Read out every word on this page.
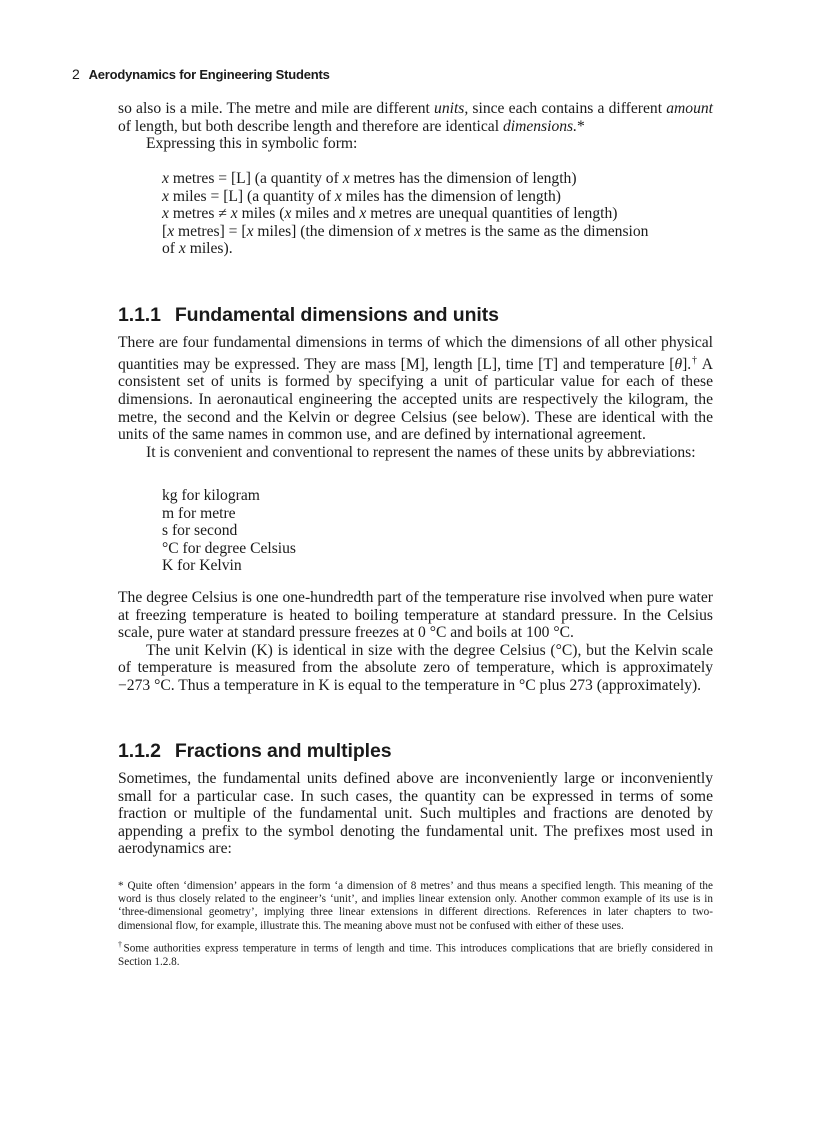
2 Aerodynamics for Engineering Students

so also is a mile. The metre and mile are different units, since each contains a different amount of length, but both describe length and therefore are identical dimensions.*

Expressing this in symbolic form:

x metres = [L] (a quantity of x metres has the dimension of length)
x miles = [L] (a quantity of x miles has the dimension of length)
x metres ≠ x miles (x miles and x metres are unequal quantities of length)
[x metres] = [x miles] (the dimension of x metres is the same as the dimension
of x miles).
1.1.1 Fundamental dimensions and units

There are four fundamental dimensions in terms of which the dimensions of all other physical quantities may be expressed. They are mass [M], length [L], time [T] and temperature [θ].† A consistent set of units is formed by specifying a unit of particular value for each of these dimensions. In aeronautical engineering the accepted units are respectively the kilogram, the metre, the second and the Kelvin or degree Celsius (see below). These are identical with the units of the same names in common use, and are defined by international agreement.

It is convenient and conventional to represent the names of these units by abbreviations:

kg for kilogram
m for metre
s for second
°C for degree Celsius
K for Kelvin

The degree Celsius is one one-hundredth part of the temperature rise involved when pure water at freezing temperature is heated to boiling temperature at standard pressure. In the Celsius scale, pure water at standard pressure freezes at 0 °C and boils at 100 °C.

The unit Kelvin (K) is identical in size with the degree Celsius (°C), but the Kelvin scale of temperature is measured from the absolute zero of temperature, which is approximately −273 °C. Thus a temperature in K is equal to the temperature in °C plus 273 (approximately).

1.1.2 Fractions and multiples

Sometimes, the fundamental units defined above are inconveniently large or inconveniently small for a particular case. In such cases, the quantity can be expressed in terms of some fraction or multiple of the fundamental unit. Such multiples and fractions are denoted by appending a prefix to the symbol denoting the fundamental unit. The prefixes most used in aerodynamics are:

* Quite often ‘dimension’ appears in the form ‘a dimension of 8 metres’ and thus means a specified length. This meaning of the word is thus closely related to the engineer’s ‘unit’, and implies linear extension only. Another common example of its use is in ‘three-dimensional geometry’, implying three linear extensions in different directions. References in later chapters to two-dimensional flow, for example, illustrate this. The meaning above must not be confused with either of these uses.

†Some authorities express temperature in terms of length and time. This introduces complications that are briefly considered in Section 1.2.8.
